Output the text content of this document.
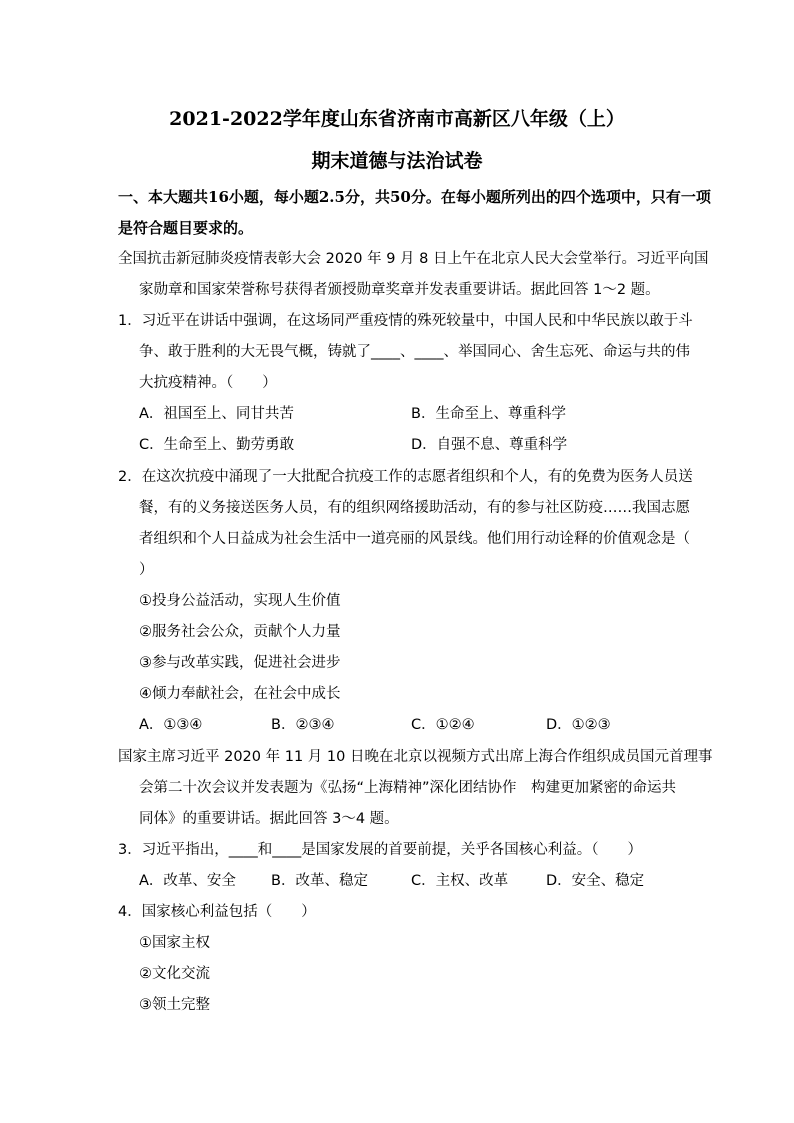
2021-2022学年度山东省济南市高新区八年级（上）
期末道德与法治试卷
一、本大题共16小题，每小题2.5分，共50分。在每小题所列出的四个选项中，只有一项
是符合题目要求的。
全国抗击新冠肺炎疫情表彰大会 2020 年 9 月 8 日上午在北京人民大会堂举行。习近平向国
家勋章和国家荣誉称号获得者颁授勋章奖章并发表重要讲话。据此回答 1～2 题。
1．习近平在讲话中强调，在这场同严重疫情的殊死较量中，中国人民和中华民族以敢于斗
争、敢于胜利的大无畏气概，铸就了____、____、举国同心、舍生忘死、命运与共的伟
大抗疫精神。（　　）
A．祖国至上、同甘共苦	B．生命至上、尊重科学
C．生命至上、勤劳勇敢	D．自强不息、尊重科学
2．在这次抗疫中涌现了一大批配合抗疫工作的志愿者组织和个人，有的免费为医务人员送
餐，有的义务接送医务人员，有的组织网络援助活动，有的参与社区防疫……我国志愿
者组织和个人日益成为社会生活中一道亮丽的风景线。他们用行动诠释的价值观念是（
）
①投身公益活动，实现人生价值
②服务社会公众，贡献个人力量
③参与改革实践，促进社会进步
④倾力奉献社会，在社会中成长
A．①③④	B．②③④	C．①②④	D．①②③
国家主席习近平 2020 年 11 月 10 日晚在北京以视频方式出席上海合作组织成员国元首理事
会第二十次会议并发表题为《弘扬“上海精神”深化团结协作　构建更加紧密的命运共
同体》的重要讲话。据此回答 3～4 题。
3．习近平指出，____和____是国家发展的首要前提，关乎各国核心利益。（　　）
A．改革、安全 B．改革、稳定	C．主权、改革	D．安全、稳定
4．国家核心利益包括（　　）
①国家主权
②文化交流
③领土完整
